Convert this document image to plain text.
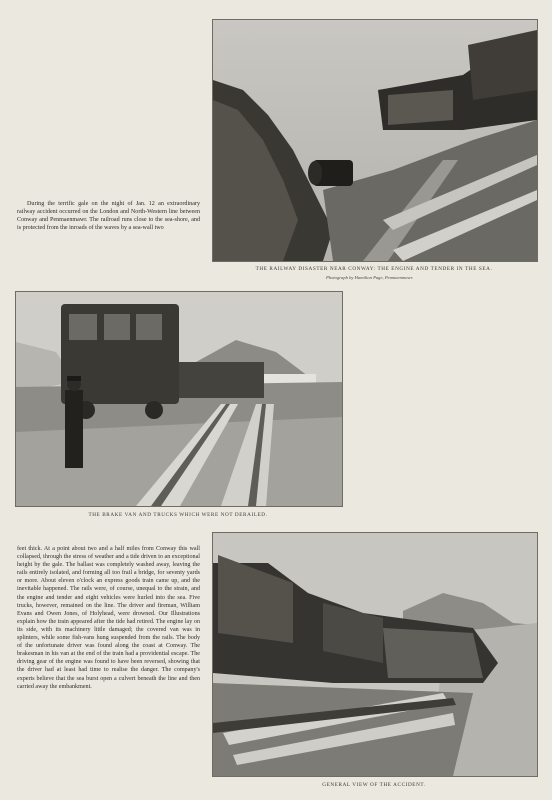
THE RAILWAY DISASTER NEAR CONWAY: THE ENGINE AND TENDER IN THE SEA.
Photograph by Hamilton Page, Penmaenmawr.

During the terrific gale on the night of Jan. 12 an extraordinary railway accident occurred on the London and North-Western line between Conway and Penmaenmawr. The railroad runs close to the sea-shore, and is protected from the inroads of the waves by a sea-wall two

THE BRAKE VAN AND TRUCKS WHICH WERE NOT DERAILED.

feet thick. At a point about two and a half miles from Conway this wall collapsed, through the stress of weather and a tide driven to an exceptional height by the gale. The ballast was completely washed away, leaving the rails entirely isolated, and forming all too frail a bridge, for seventy yards or more. About eleven o'clock an express goods train came up, and the inevitable happened. The rails were, of course, unequal to the strain, and the engine and tender and eight vehicles were hurled into the sea. Five trucks, however, remained on the line. The driver and fireman, William Evans and Owen Jones, of Holyhead, were drowned. Our Illustrations explain how the train appeared after the tide had retired. The engine lay on its side, with its machinery little damaged; the covered van was in splinters, while some fish-vans hung suspended from the rails. The body of the unfortunate driver was found along the coast at Conway. The brakesman in his van at the end of the train had a providential escape. The driving gear of the engine was found to have been reversed, showing that the driver had at least had time to realise the danger. The company's experts believe that the sea burst open a culvert beneath the line and then carried away the embankment.

GENERAL VIEW OF THE ACCIDENT.
